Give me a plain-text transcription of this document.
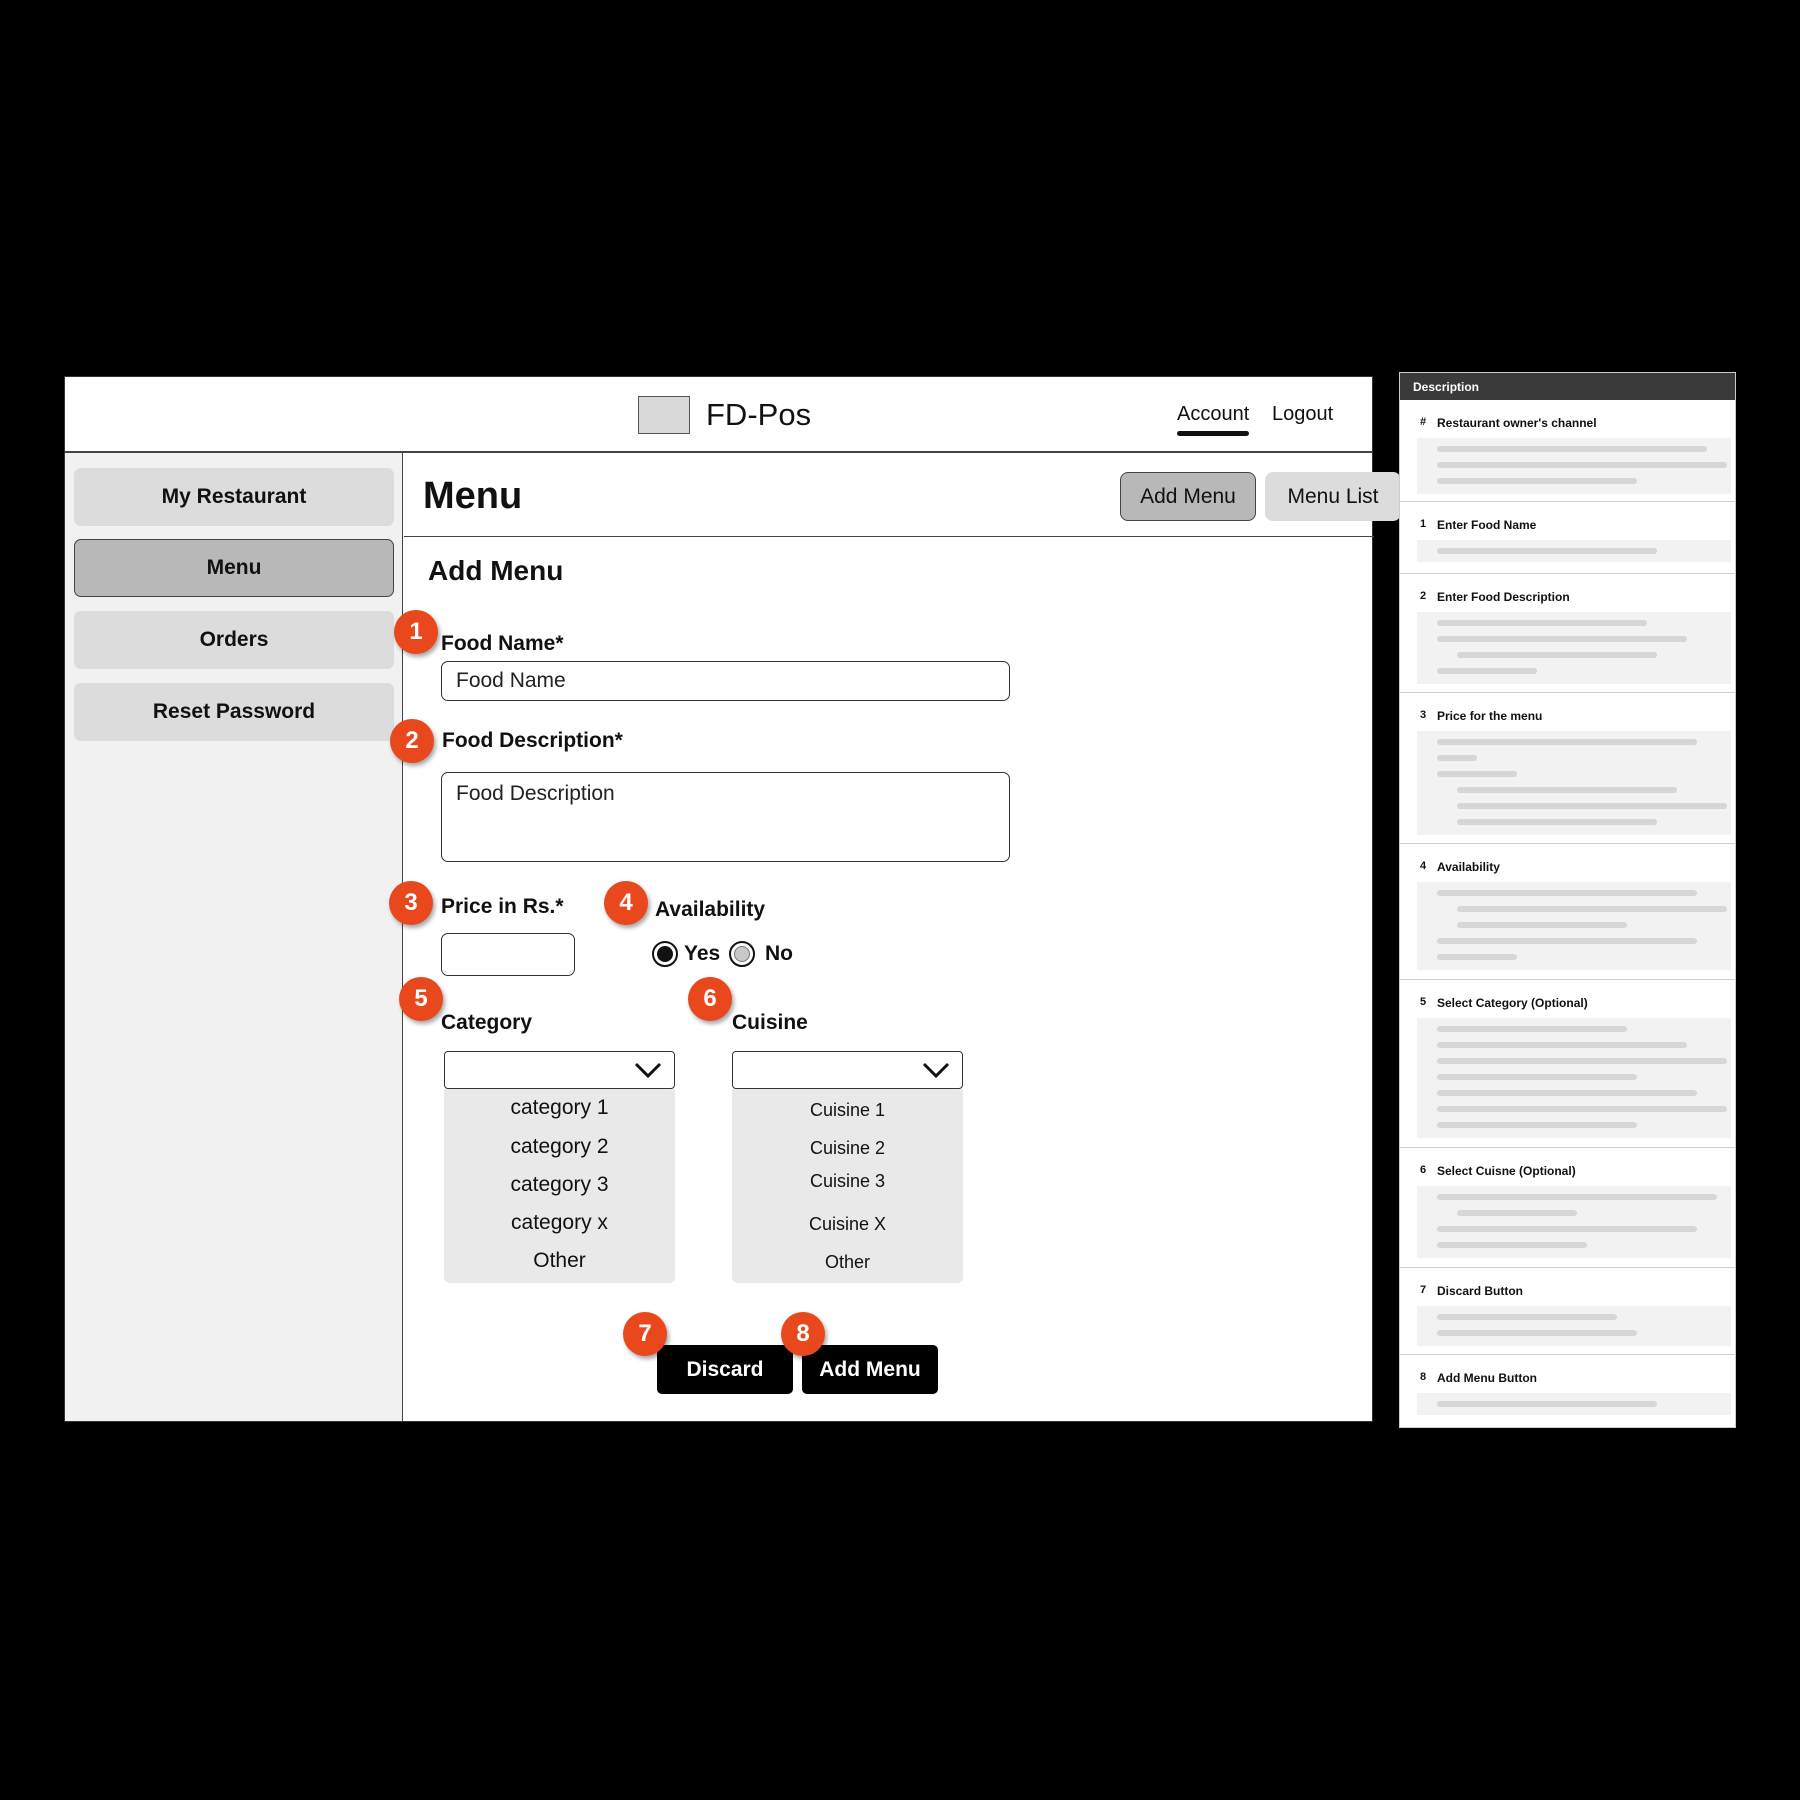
FD-Pos	Account Logout
My Restaurant
Menu
Orders
Reset Password
Menu	Add Menu	Menu List
Add Menu
Food Name*
Food Name
Food Description*
Food Description
Price in Rs.*	Availability
Yes No
Category
category 1
category 2
category 3
category x
Other
Cuisine
Cuisine 1
Cuisine 2
Cuisine 3
Cuisine X
Other
Discard	Add Menu
1
2
3	4
5	6
7	8
Description
# Restaurant owner's channel
1 Enter Food Name
2 Enter Food Description
3 Price for the menu
4 Availability
5 Select Category (Optional)
6 Select Cuisne (Optional)
7 Discard Button
8 Add Menu Button
